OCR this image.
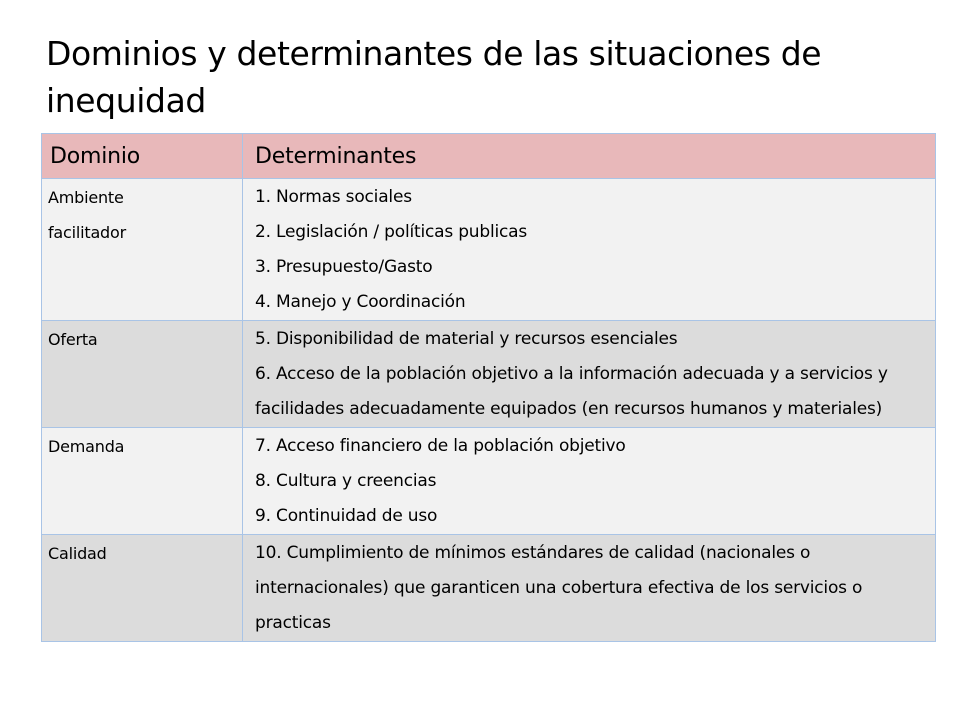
Dominios y determinantes de las situaciones de inequidad
Dominio	Determinantes
Ambiente facilitador	1. Normas sociales
2. Legislación / políticas publicas
3. Presupuesto/Gasto
4. Manejo y Coordinación

Oferta	5. Disponibilidad de material y recursos esenciales
6. Acceso de la población objetivo a la información adecuada y a servicios y facilidades adecuadamente equipados (en recursos humanos y materiales)

Demanda	7. Acceso financiero de la población objetivo
8. Cultura y creencias
9. Continuidad de uso

Calidad	10. Cumplimiento de mínimos estándares de calidad (nacionales o internacionales) que garanticen una cobertura efectiva de los servicios o practicas
